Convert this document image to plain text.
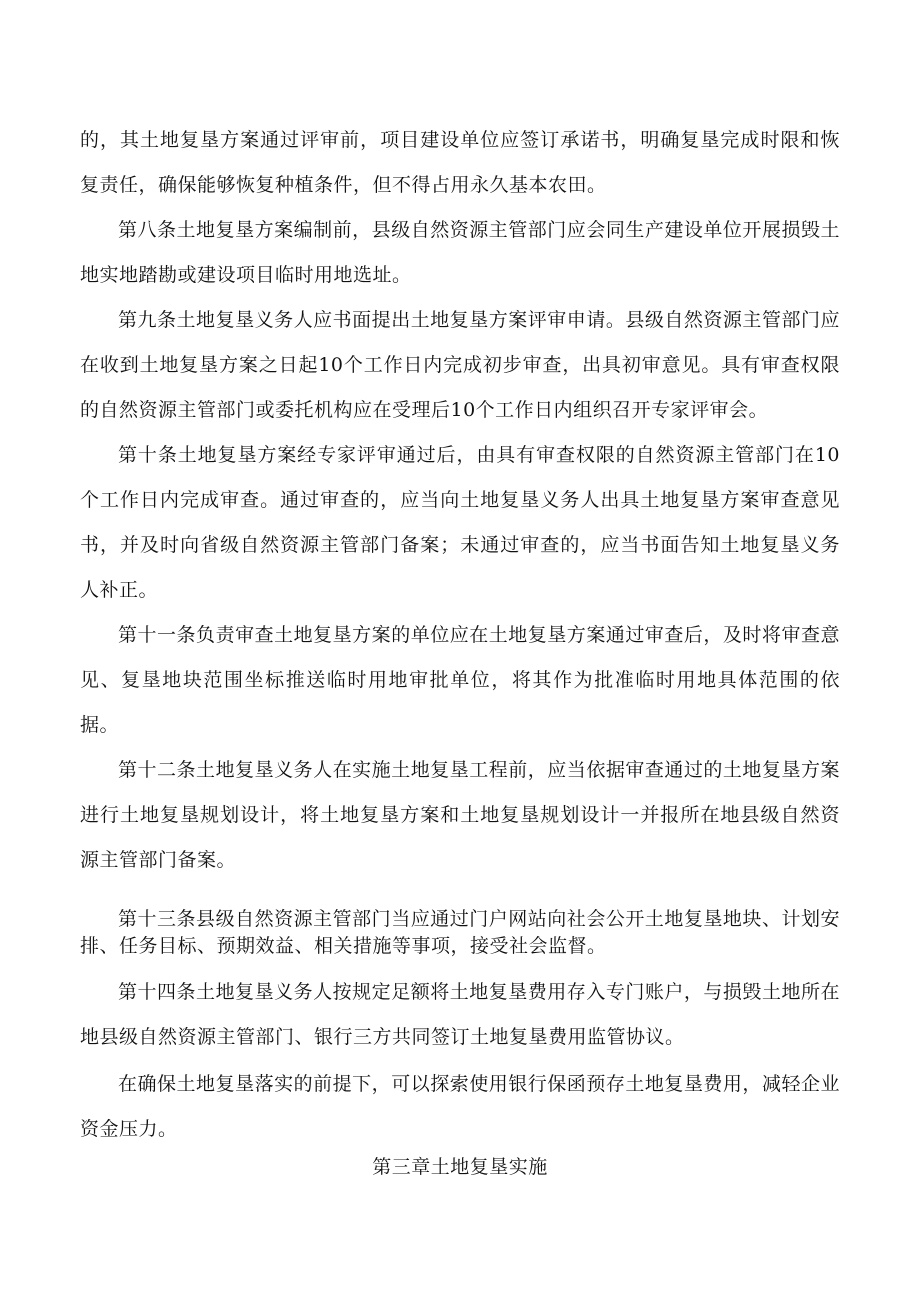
的，其土地复垦方案通过评审前，项目建设单位应签订承诺书，明确复垦完成时限和恢复责任，确保能够恢复种植条件，但不得占用永久基本农田。

第八条土地复垦方案编制前，县级自然资源主管部门应会同生产建设单位开展损毁土地实地踏勘或建设项目临时用地选址。

第九条土地复垦义务人应书面提出土地复垦方案评审申请。县级自然资源主管部门应在收到土地复垦方案之日起10个工作日内完成初步审查，出具初审意见。具有审查权限的自然资源主管部门或委托机构应在受理后10个工作日内组织召开专家评审会。

第十条土地复垦方案经专家评审通过后，由具有审查权限的自然资源主管部门在10个工作日内完成审查。通过审查的，应当向土地复垦义务人出具土地复垦方案审查意见书，并及时向省级自然资源主管部门备案；未通过审查的，应当书面告知土地复垦义务人补正。

第十一条负责审查土地复垦方案的单位应在土地复垦方案通过审查后，及时将审查意见、复垦地块范围坐标推送临时用地审批单位，将其作为批准临时用地具体范围的依据。

第十二条土地复垦义务人在实施土地复垦工程前，应当依据审查通过的土地复垦方案进行土地复垦规划设计，将土地复垦方案和土地复垦规划设计一并报所在地县级自然资源主管部门备案。

第十三条县级自然资源主管部门当应通过门户网站向社会公开土地复垦地块、计划安排、任务目标、预期效益、相关措施等事项，接受社会监督。

第十四条土地复垦义务人按规定足额将土地复垦费用存入专门账户，与损毁土地所在地县级自然资源主管部门、银行三方共同签订土地复垦费用监管协议。

在确保土地复垦落实的前提下，可以探索使用银行保函预存土地复垦费用，减轻企业资金压力。

第三章土地复垦实施
